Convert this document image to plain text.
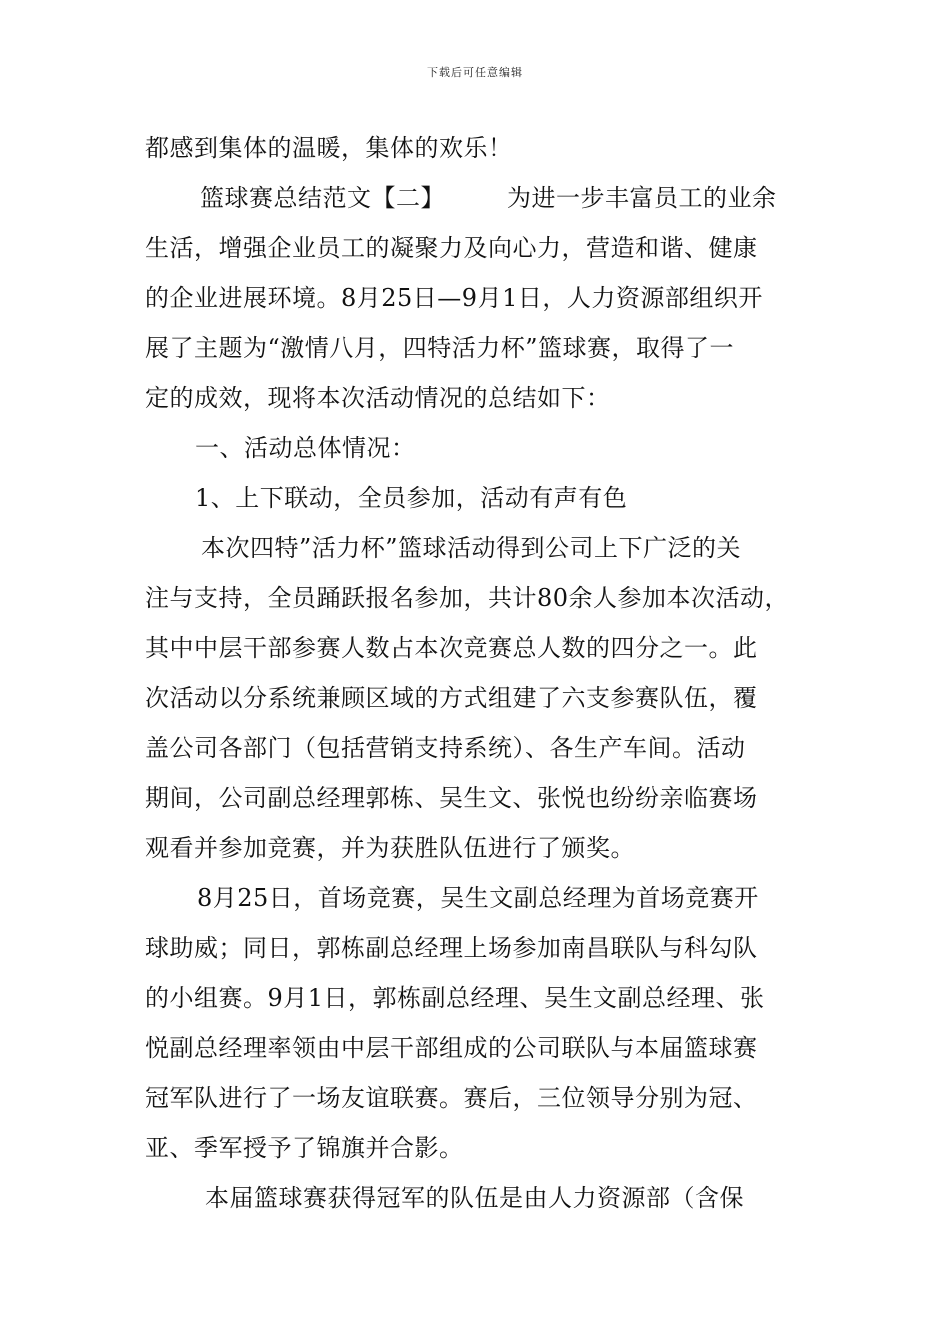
下载后可任意编辑
都感到集体的温暖，集体的欢乐！
篮球赛总结范文【二】	为进一步丰富员工的业余
生活，增强企业员工的凝聚力及向心力，营造和谐、健康
的企业进展环境。8月25日—9月1日，人力资源部组织开
展了主题为“激情八月，四特活力杯”篮球赛，取得了一
定的成效，现将本次活动情况的总结如下：
一、活动总体情况：
1、上下联动，全员参加，活动有声有色
本次四特”活力杯”篮球活动得到公司上下广泛的关
注与支持，全员踊跃报名参加，共计80余人参加本次活动，
其中中层干部参赛人数占本次竞赛总人数的四分之一。此
次活动以分系统兼顾区域的方式组建了六支参赛队伍，覆
盖公司各部门（包括营销支持系统）、各生产车间。活动
期间，公司副总经理郭栋、吴生文、张悦也纷纷亲临赛场
观看并参加竞赛，并为获胜队伍进行了颁奖。
8月25日，首场竞赛，吴生文副总经理为首场竞赛开
球助威；同日，郭栋副总经理上场参加南昌联队与科勾队
的小组赛。9月1日，郭栋副总经理、吴生文副总经理、张
悦副总经理率领由中层干部组成的公司联队与本届篮球赛
冠军队进行了一场友谊联赛。赛后，三位领导分别为冠、
亚、季军授予了锦旗并合影。
本届篮球赛获得冠军的队伍是由人力资源部（含保
